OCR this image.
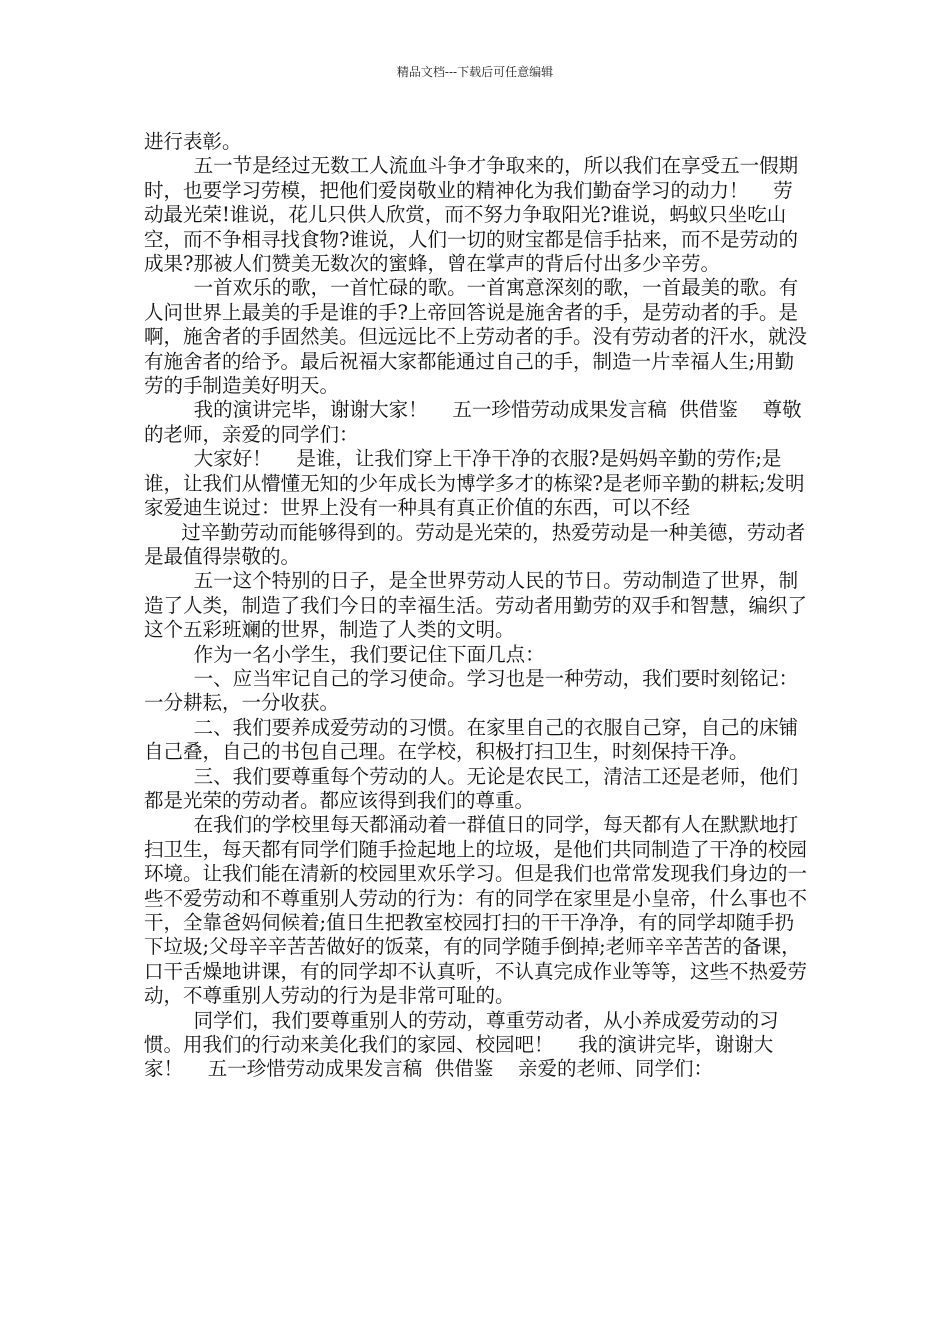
精品文档---下载后可任意编辑

进行表彰。

五一节是经过无数工人流血斗争才争取来的，所以我们在享受五一假期时，也要学习劳模，把他们爱岗敬业的精神化为我们勤奋学习的动力！    劳动最光荣!谁说，花儿只供人欣赏，而不努力争取阳光?谁说，蚂蚁只坐吃山空，而不争相寻找食物?谁说，人们一切的财宝都是信手拈来，而不是劳动的成果?那被人们赞美无数次的蜜蜂，曾在掌声的背后付出多少辛劳。

一首欢乐的歌，一首忙碌的歌。一首寓意深刻的歌，一首最美的歌。有人问世界上最美的手是谁的手?上帝回答说是施舍者的手，是劳动者的手。是啊，施舍者的手固然美。但远远比不上劳动者的手。没有劳动者的汗水，就没有施舍者的给予。最后祝福大家都能通过自己的手，制造一片幸福人生;用勤劳的手制造美好明天。

我的演讲完毕，谢谢大家！    五一珍惜劳动成果发言稿  供借鉴    尊敬的老师，亲爱的同学们：

大家好！    是谁，让我们穿上干净干净的衣服?是妈妈辛勤的劳作;是谁，让我们从懵懂无知的少年成长为博学多才的栋梁?是老师辛勤的耕耘;发明家爱迪生说过：世界上没有一种具有真正价值的东西，可以不经

过辛勤劳动而能够得到的。劳动是光荣的，热爱劳动是一种美德，劳动者是最值得崇敬的。

五一这个特别的日子，是全世界劳动人民的节日。劳动制造了世界，制造了人类，制造了我们今日的幸福生活。劳动者用勤劳的双手和智慧，编织了这个五彩班斓的世界，制造了人类的文明。

作为一名小学生，我们要记住下面几点：

一、应当牢记自己的学习使命。学习也是一种劳动，我们要时刻铭记：一分耕耘，一分收获。

二、我们要养成爱劳动的习惯。在家里自己的衣服自己穿，自己的床铺自己叠，自己的书包自己理。在学校，积极打扫卫生，时刻保持干净。

三、我们要尊重每个劳动的人。无论是农民工，清洁工还是老师，他们都是光荣的劳动者。都应该得到我们的尊重。

在我们的学校里每天都涌动着一群值日的同学，每天都有人在默默地打扫卫生，每天都有同学们随手捡起地上的垃圾，是他们共同制造了干净的校园环境。让我们能在清新的校园里欢乐学习。但是我们也常常发现我们身边的一些不爱劳动和不尊重别人劳动的行为：有的同学在家里是小皇帝，什么事也不干，全靠爸妈伺候着;值日生把教室校园打扫的干干净净，有的同学却随手扔下垃圾;父母辛辛苦苦做好的饭菜，有的同学随手倒掉;老师辛辛苦苦的备课，口干舌燥地讲课，有的同学却不认真听，不认真完成作业等等，这些不热爱劳动，不尊重别人劳动的行为是非常可耻的。

同学们，我们要尊重别人的劳动，尊重劳动者，从小养成爱劳动的习惯。用我们的行动来美化我们的家园、校园吧！    我的演讲完毕，谢谢大家！    五一珍惜劳动成果发言稿  供借鉴    亲爱的老师、同学们：
